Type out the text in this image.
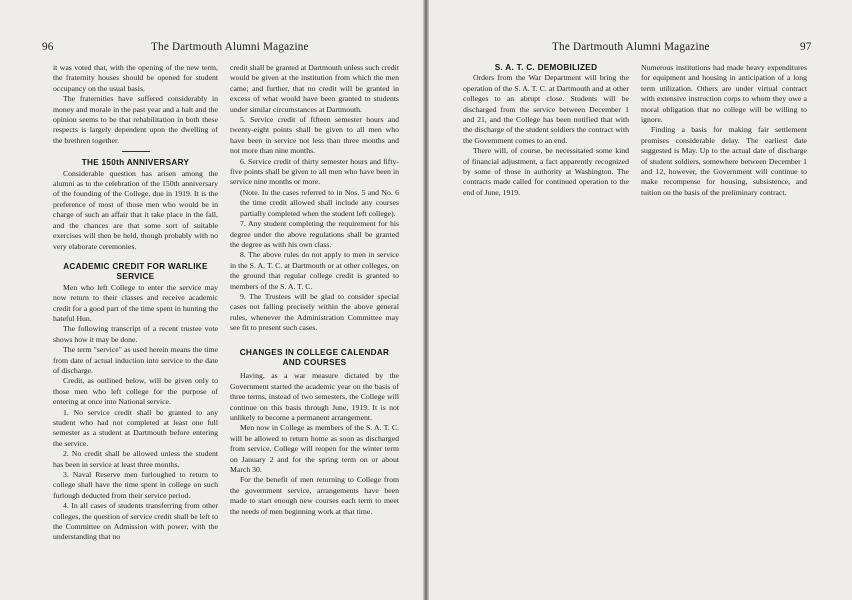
96	The Dartmouth Alumni Magazine

it was voted that, with the opening of the new term, the fraternity houses should be opened for student occupancy on the usual basis.

The fraternities have suffered considerably in money and morale in the past year and a halt and the opinion seems to be that rehabilitation in both these respects is largely dependent upon the dwelling of the brethren together.

THE 150th ANNIVERSARY

Considerable question has arisen among the alumni as to the celebration of the 150th anniversary of the founding of the College, due in 1919. It is the preference of most of those men who would be in charge of such an affair that it take place in the fall, and the chances are that some sort of suitable exercises will then be held, though probably with no very elaborate ceremonies.

ACADEMIC CREDIT FOR WARLIKE SERVICE

Men who left College to enter the service may now return to their classes and receive academic credit for a good part of the time spent in hunting the hateful Hun.

The following transcript of a recent trustee vote shows how it may be done.

The term "service" as used herein means the time from date of actual induction into service to the date of discharge.

Credit, as outlined below, will be given only to those men who left college for the purpose of entering at once into National service.

1. No service credit shall be granted to any student who had not completed at least one full semester as a student at Dartmouth before entering the service.

2. No credit shall be allowed unless the student has been in service at least three months.

3. Naval Reserve men furloughed to return to college shall have the time spent in college on such furlough deducted from their service period.

4. In all cases of students transferring from other colleges, the question of service credit shall be left to the Committee on Admission with power, with the understanding that no

credit shall be granted at Dartmouth unless such credit would be given at the institution from which the men came; and further, that no credit will be granted in excess of what would have been granted to students under similar circumstances at Dartmouth.

5. Service credit of fifteen semester hours and twenty-eight points shall be given to all men who have been in service not less than three months and not more than nine months.

6. Service credit of thirty semester hours and fifty-five points shall be given to all men who have been in service nine months or more.

(Note. In the cases referred to in Nos. 5 and No. 6 the time credit allowed shall include any courses partially completed when the student left college).

7. Any student completing the requirement for his degree under the above regulations shall be granted the degree as with his own class.

8. The above rules do not apply to men in service in the S. A. T. C. at Dartmouth or at other colleges, on the ground that regular college credit is granted to members of the S. A. T. C.

9. The Trustees will be glad to consider special cases not falling precisely within the above general rules, whenever the Administration Committee may see fit to present such cases.

CHANGES IN COLLEGE CALENDAR AND COURSES

Having, as a war measure dictated by the Government started the academic year on the basis of three terms, instead of two semesters, the College will continue on this basis through June, 1919. It is not unlikely to become a permanent arrangement.

Men now in College as members of the S. A. T. C. will be allowed to return home as soon as discharged from service. College will reopen for the winter term on January 2 and for the spring term on or about March 30.

For the benefit of men returning to College from the government service, arrangements have been made to start enough new courses each term to meet the needs of men beginning work at that time.

The Dartmouth Alumni Magazine	97
S. A. T. C. DEMOBILIZED

Orders from the War Department will bring the operation of the S. A. T. C. at Dartmouth and at other colleges to an abrupt close. Students will be discharged from the service between December 1 and 21, and the College has been notified that with the discharge of the student soldiers the contract with the Government comes to an end.

There will, of course, be necessitated some kind of financial adjustment, a fact apparently recognized by some of those in authority at Washington. The contracts made called for continued operation to the end of June, 1919.

Numerous institutions had made heavy expenditures for equipment and housing in anticipation of a long term utilization. Others are under virtual contract with extensive instruction corps to whom they owe a moral obligation that no college will be willing to ignore.

Finding a basis for making fair settlement promises considerable delay. The earliest date suggested is May. Up to the actual date of discharge of student soldiers, somewhere between December 1 and 12, however, the Government will continue to make recompense for housing, subsistence, and tuition on the basis of the preliminary contract.
